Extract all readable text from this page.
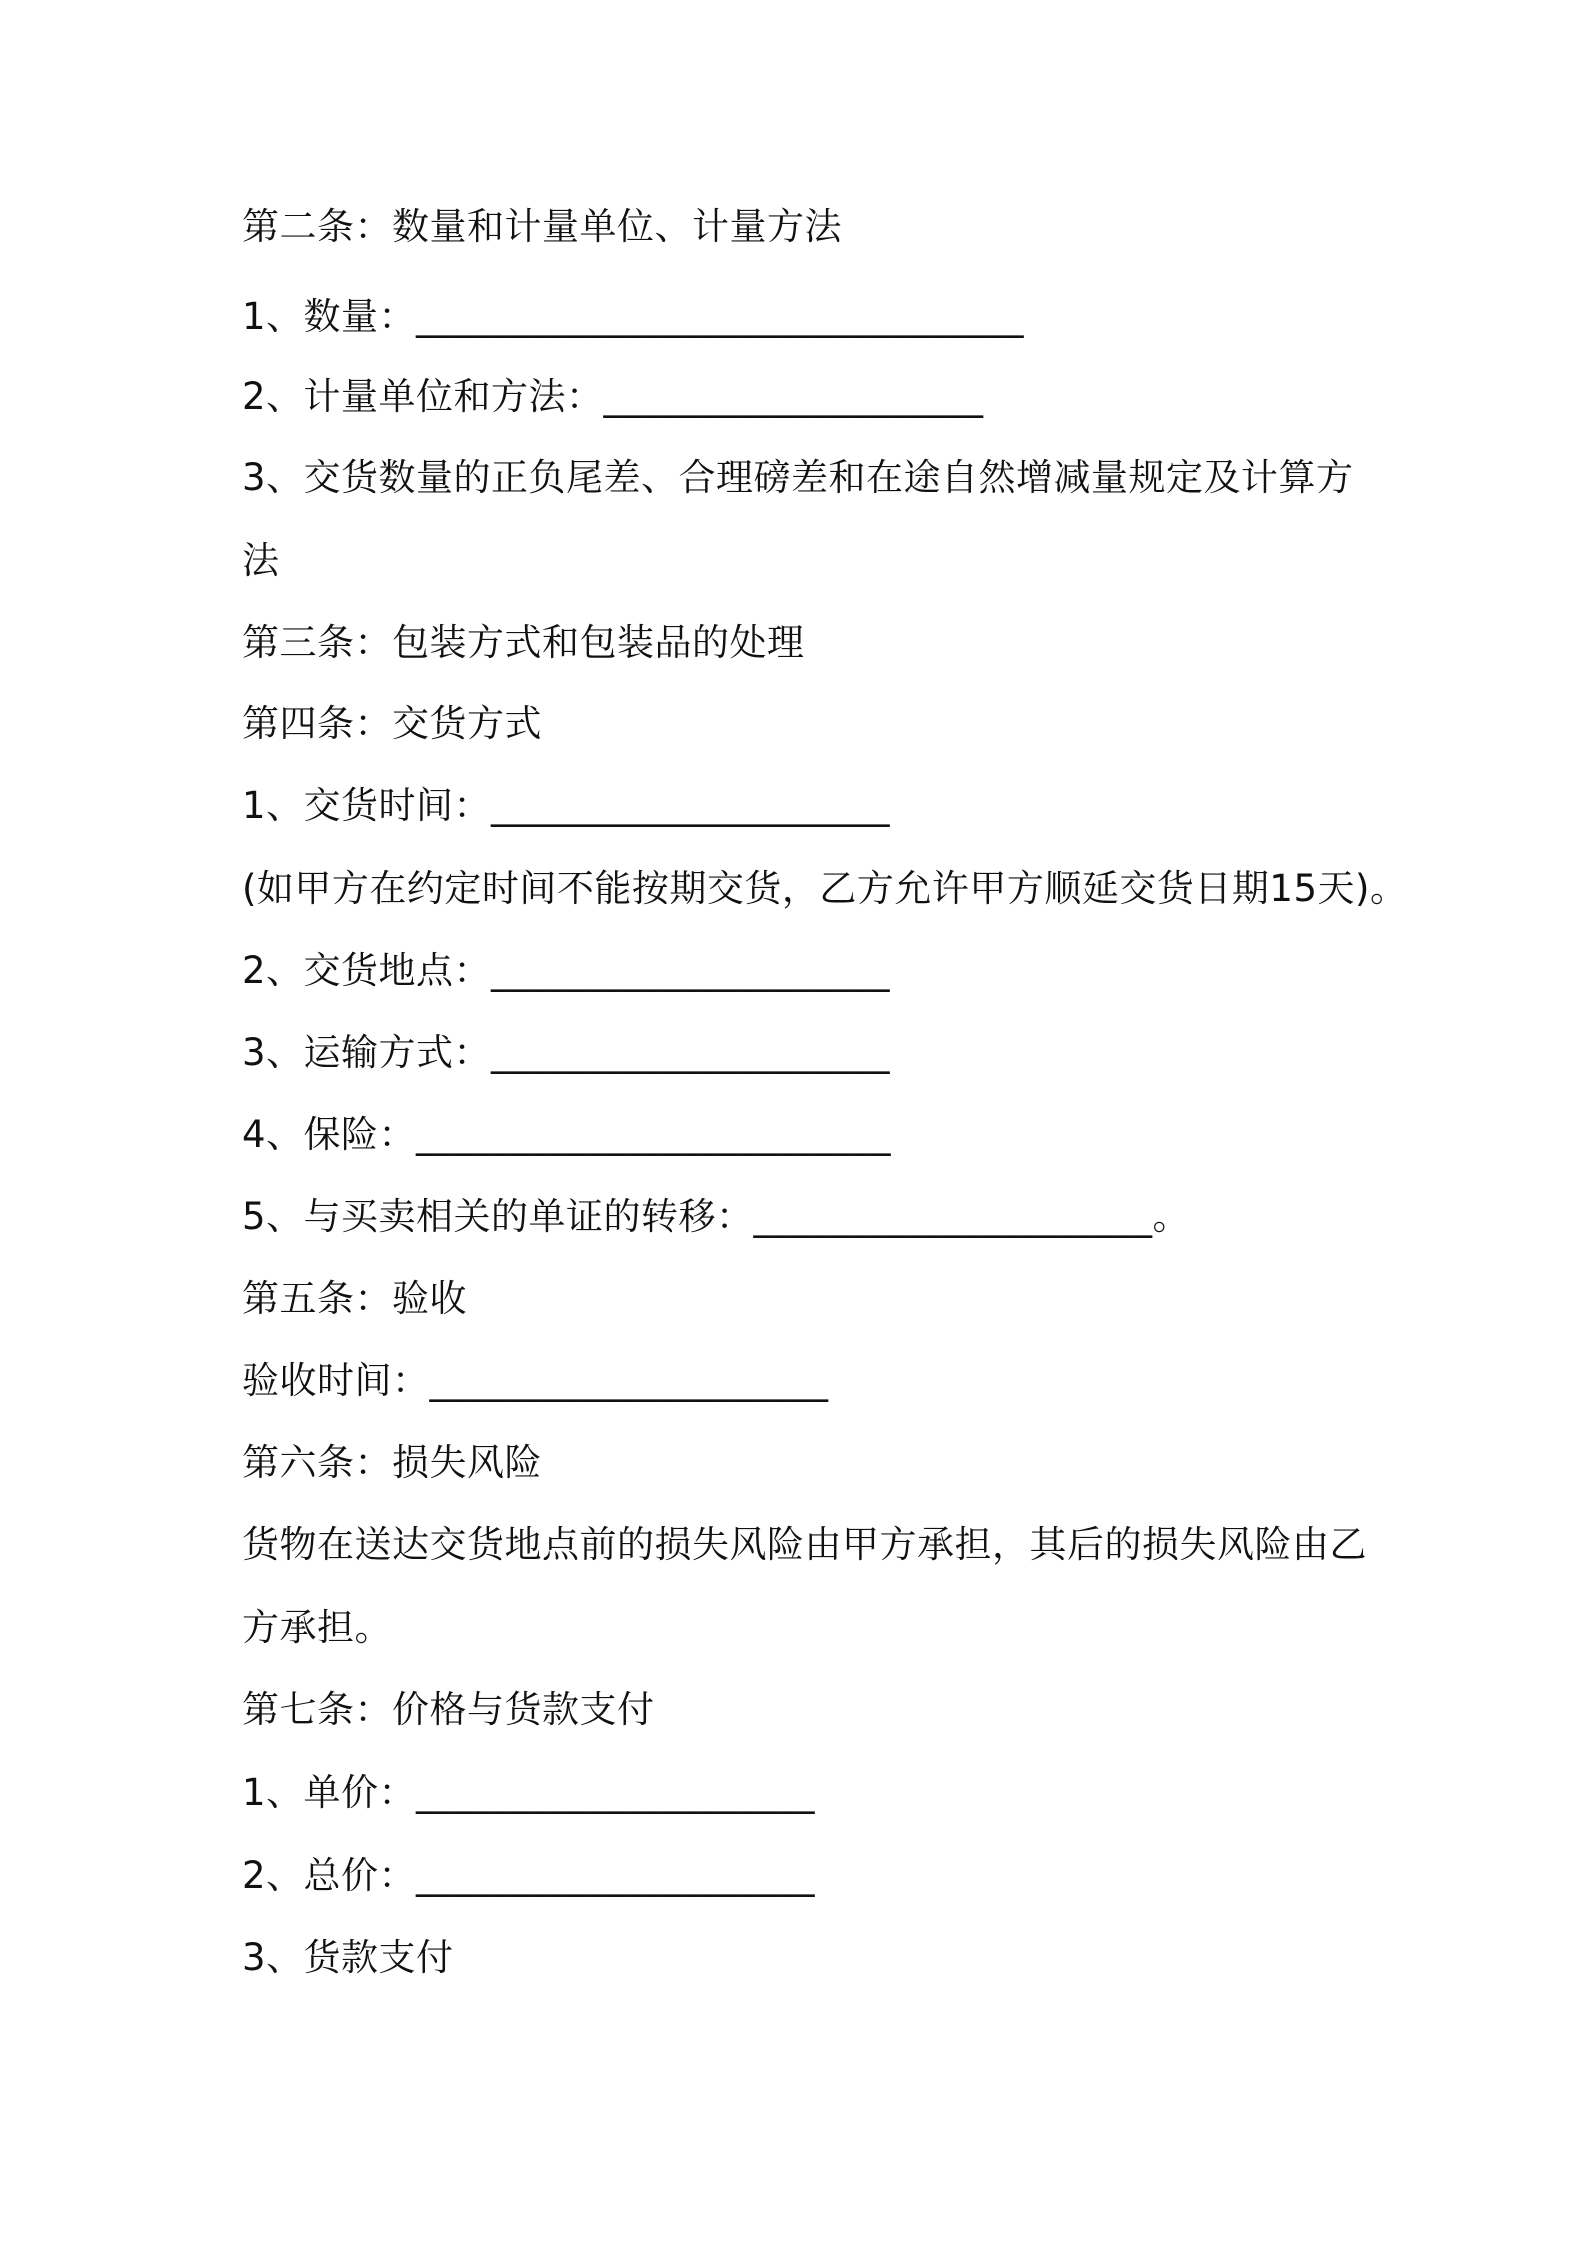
第二条：数量和计量单位、计量方法
1、数量：________________________________
2、计量单位和方法：____________________
3、交货数量的正负尾差、合理磅差和在途自然增减量规定及计算方
法
第三条：包装方式和包装品的处理
第四条：交货方式
1、交货时间：_____________________
(如甲方在约定时间不能按期交货，乙方允许甲方顺延交货日期15天)。
2、交货地点：_____________________
3、运输方式：_____________________
4、保险：_________________________
5、与买卖相关的单证的转移：_____________________。
第五条：验收
验收时间：_____________________
第六条：损失风险
货物在送达交货地点前的损失风险由甲方承担，其后的损失风险由乙
方承担。
第七条：价格与货款支付
1、单价：_____________________
2、总价：_____________________
3、货款支付
